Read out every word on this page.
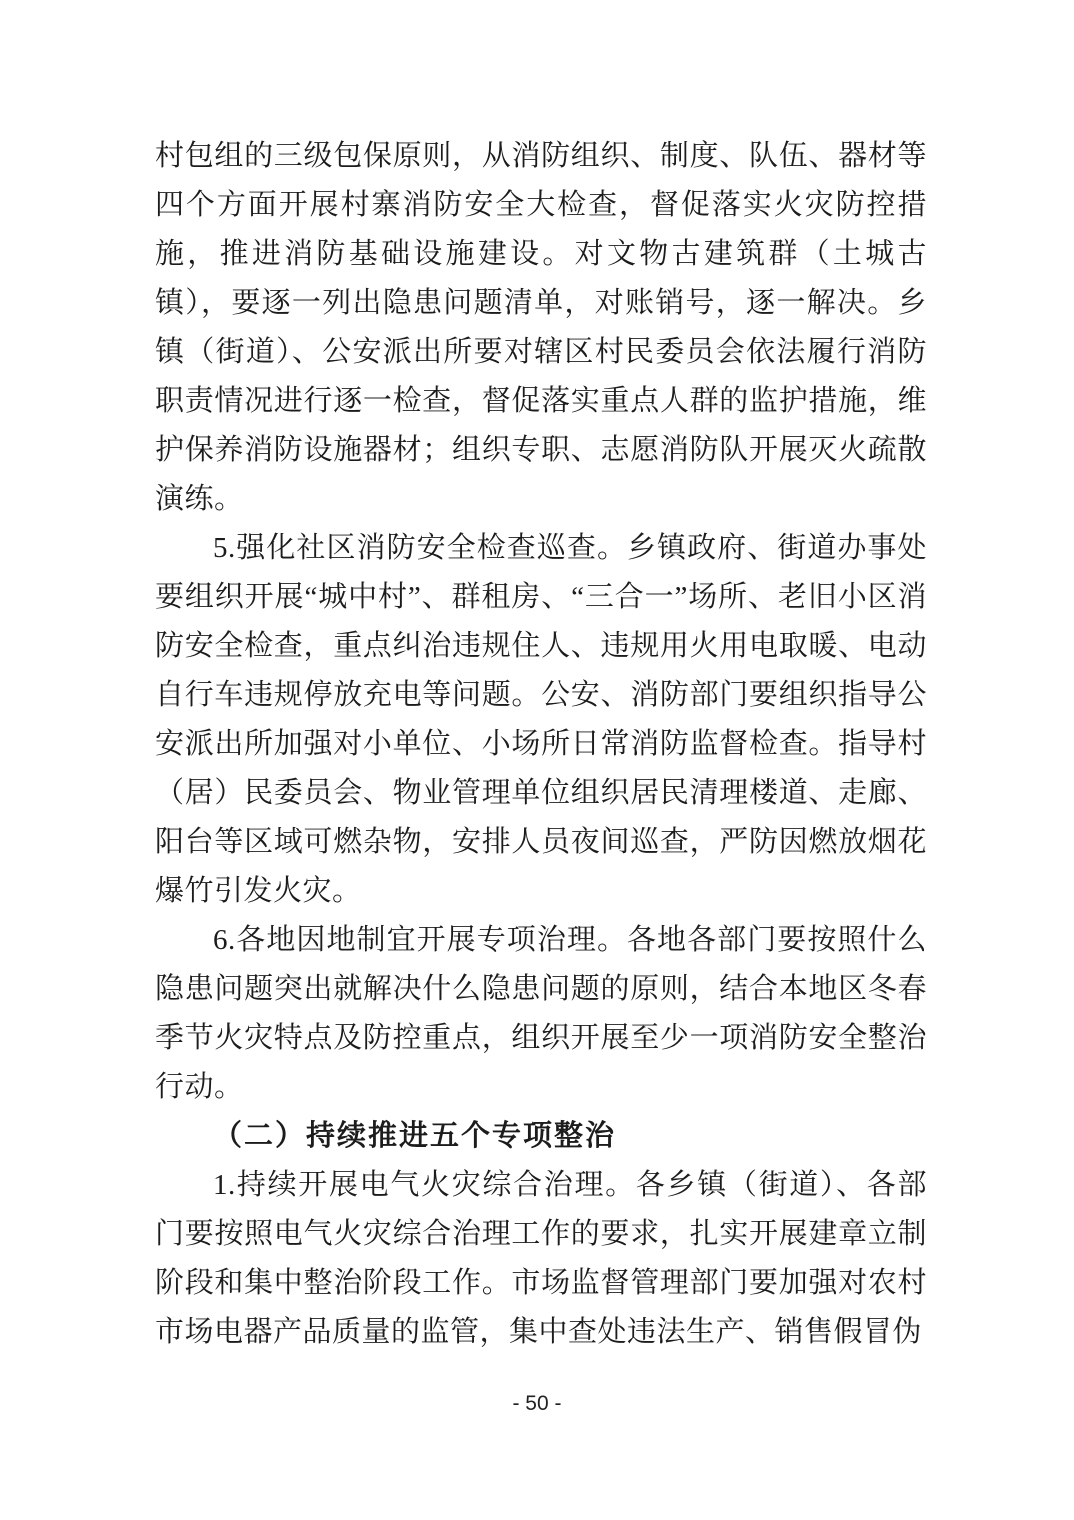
村包组的三级包保原则，从消防组织、制度、队伍、器材等四个方面开展村寨消防安全大检查，督促落实火灾防控措施，推进消防基础设施建设。对文物古建筑群（土城古镇），要逐一列出隐患问题清单，对账销号，逐一解决。乡镇（街道）、公安派出所要对辖区村民委员会依法履行消防职责情况进行逐一检查，督促落实重点人群的监护措施，维护保养消防设施器材；组织专职、志愿消防队开展灭火疏散演练。

5.强化社区消防安全检查巡查。乡镇政府、街道办事处要组织开展“城中村”、群租房、“三合一”场所、老旧小区消防安全检查，重点纠治违规住人、违规用火用电取暖、电动自行车违规停放充电等问题。公安、消防部门要组织指导公安派出所加强对小单位、小场所日常消防监督检查。指导村（居）民委员会、物业管理单位组织居民清理楼道、走廊、阳台等区域可燃杂物，安排人员夜间巡查，严防因燃放烟花爆竹引发火灾。

6.各地因地制宜开展专项治理。各地各部门要按照什么隐患问题突出就解决什么隐患问题的原则，结合本地区冬春季节火灾特点及防控重点，组织开展至少一项消防安全整治行动。

（二）持续推进五个专项整治

1.持续开展电气火灾综合治理。各乡镇（街道）、各部门要按照电气火灾综合治理工作的要求，扎实开展建章立制阶段和集中整治阶段工作。市场监督管理部门要加强对农村市场电器产品质量的监管，集中查处违法生产、销售假冒伪

- 50 -
